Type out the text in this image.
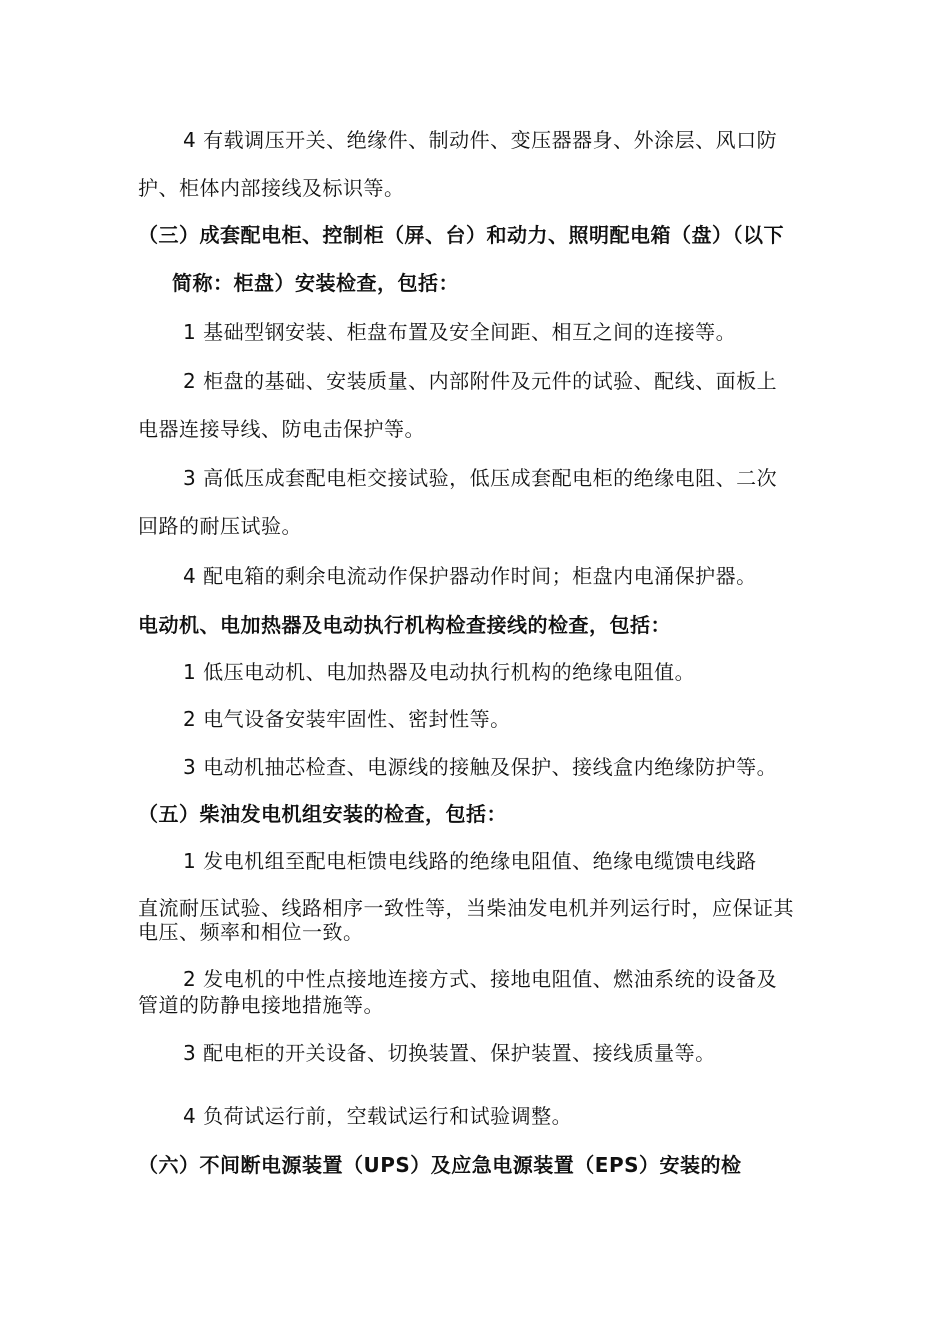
4 有载调压开关、绝缘件、制动件、变压器器身、外涂层、风口防
护、柜体内部接线及标识等。
（三）成套配电柜、控制柜（屏、台）和动力、照明配电箱（盘）（以下
简称：柜盘）安装检查，包括：
1 基础型钢安装、柜盘布置及安全间距、相互之间的连接等。
2 柜盘的基础、安装质量、内部附件及元件的试验、配线、面板上
电器连接导线、防电击保护等。
3 高低压成套配电柜交接试验，低压成套配电柜的绝缘电阻、二次
回路的耐压试验。
4 配电箱的剩余电流动作保护器动作时间；柜盘内电涌保护器。
电动机、电加热器及电动执行机构检查接线的检查，包括：
1 低压电动机、电加热器及电动执行机构的绝缘电阻值。
2 电气设备安装牢固性、密封性等。
3 电动机抽芯检查、电源线的接触及保护、接线盒内绝缘防护等。
（五）柴油发电机组安装的检查，包括：
1 发电机组至配电柜馈电线路的绝缘电阻值、绝缘电缆馈电线路
直流耐压试验、线路相序一致性等，当柴油发电机并列运行时，应保证其
电压、频率和相位一致。
2 发电机的中性点接地连接方式、接地电阻值、燃油系统的设备及
管道的防静电接地措施等。
3 配电柜的开关设备、切换装置、保护装置、接线质量等。
4 负荷试运行前，空载试运行和试验调整。
（六）不间断电源装置（UPS）及应急电源装置（EPS）安装的检
